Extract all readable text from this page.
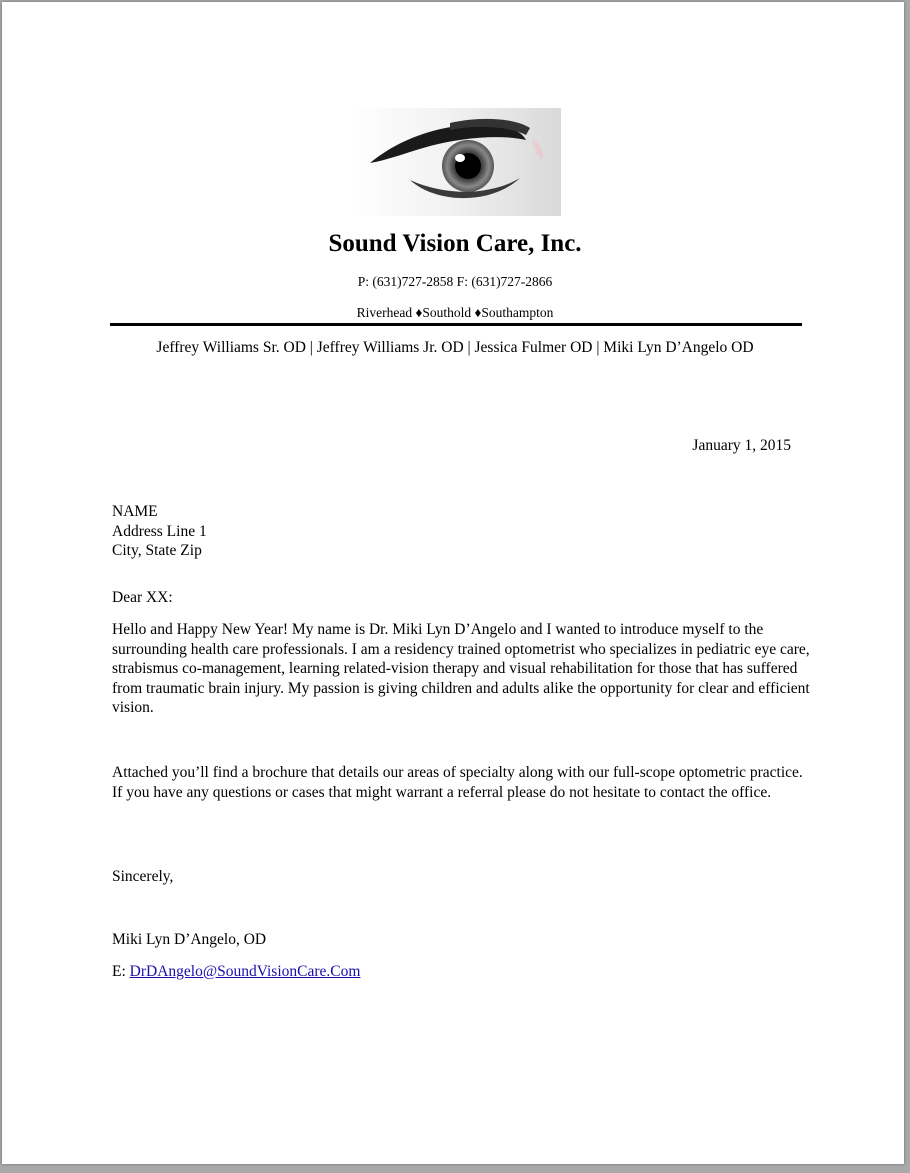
Sound Vision Care, Inc.
P: (631)727-2858 F: (631)727-2866
Riverhead ♦Southold ♦Southampton
Jeffrey Williams Sr. OD | Jeffrey Williams Jr. OD | Jessica Fulmer OD | Miki Lyn D’Angelo OD
January 1, 2015
NAME
Address Line 1
City, State Zip
Dear XX:
Hello and Happy New Year! My name is Dr. Miki Lyn D’Angelo and I wanted to introduce myself to the surrounding health care professionals. I am a residency trained optometrist who specializes in pediatric eye care, strabismus co-management, learning related-vision therapy and visual rehabilitation for those that has suffered from traumatic brain injury. My passion is giving children and adults alike the opportunity for clear and efficient vision.
Attached you’ll find a brochure that details our areas of specialty along with our full-scope optometric practice. If you have any questions or cases that might warrant a referral please do not hesitate to contact the office.
Sincerely,
Miki Lyn D’Angelo, OD
E: DrDAngelo@SoundVisionCare.Com
